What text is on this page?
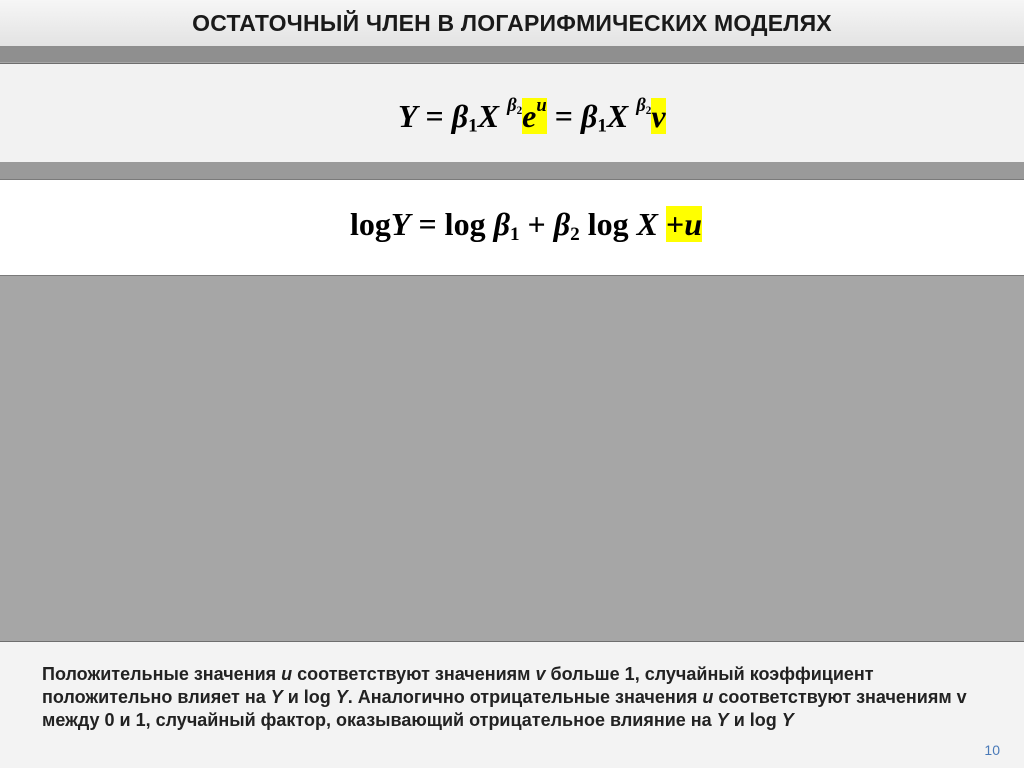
ОСТАТОЧНЫЙ ЧЛЕН В ЛОГАРИФМИЧЕСКИХ МОДЕЛЯХ
$Y = \beta_1X$ $^{\beta_2}e^u = \beta_1X$ $^{\beta_2}$v
$\log Y = \log \beta_1 + \beta_2$ log X +u
Положительные значения u соответствуют значениям v больше 1, случайный коэффициент положительно влияет на Y и log Y. Аналогично отрицательные значения u соответствуют значениям v между 0 и 1, случайный фактор, оказывающий отрицательное влияние на Y и log Y
10
